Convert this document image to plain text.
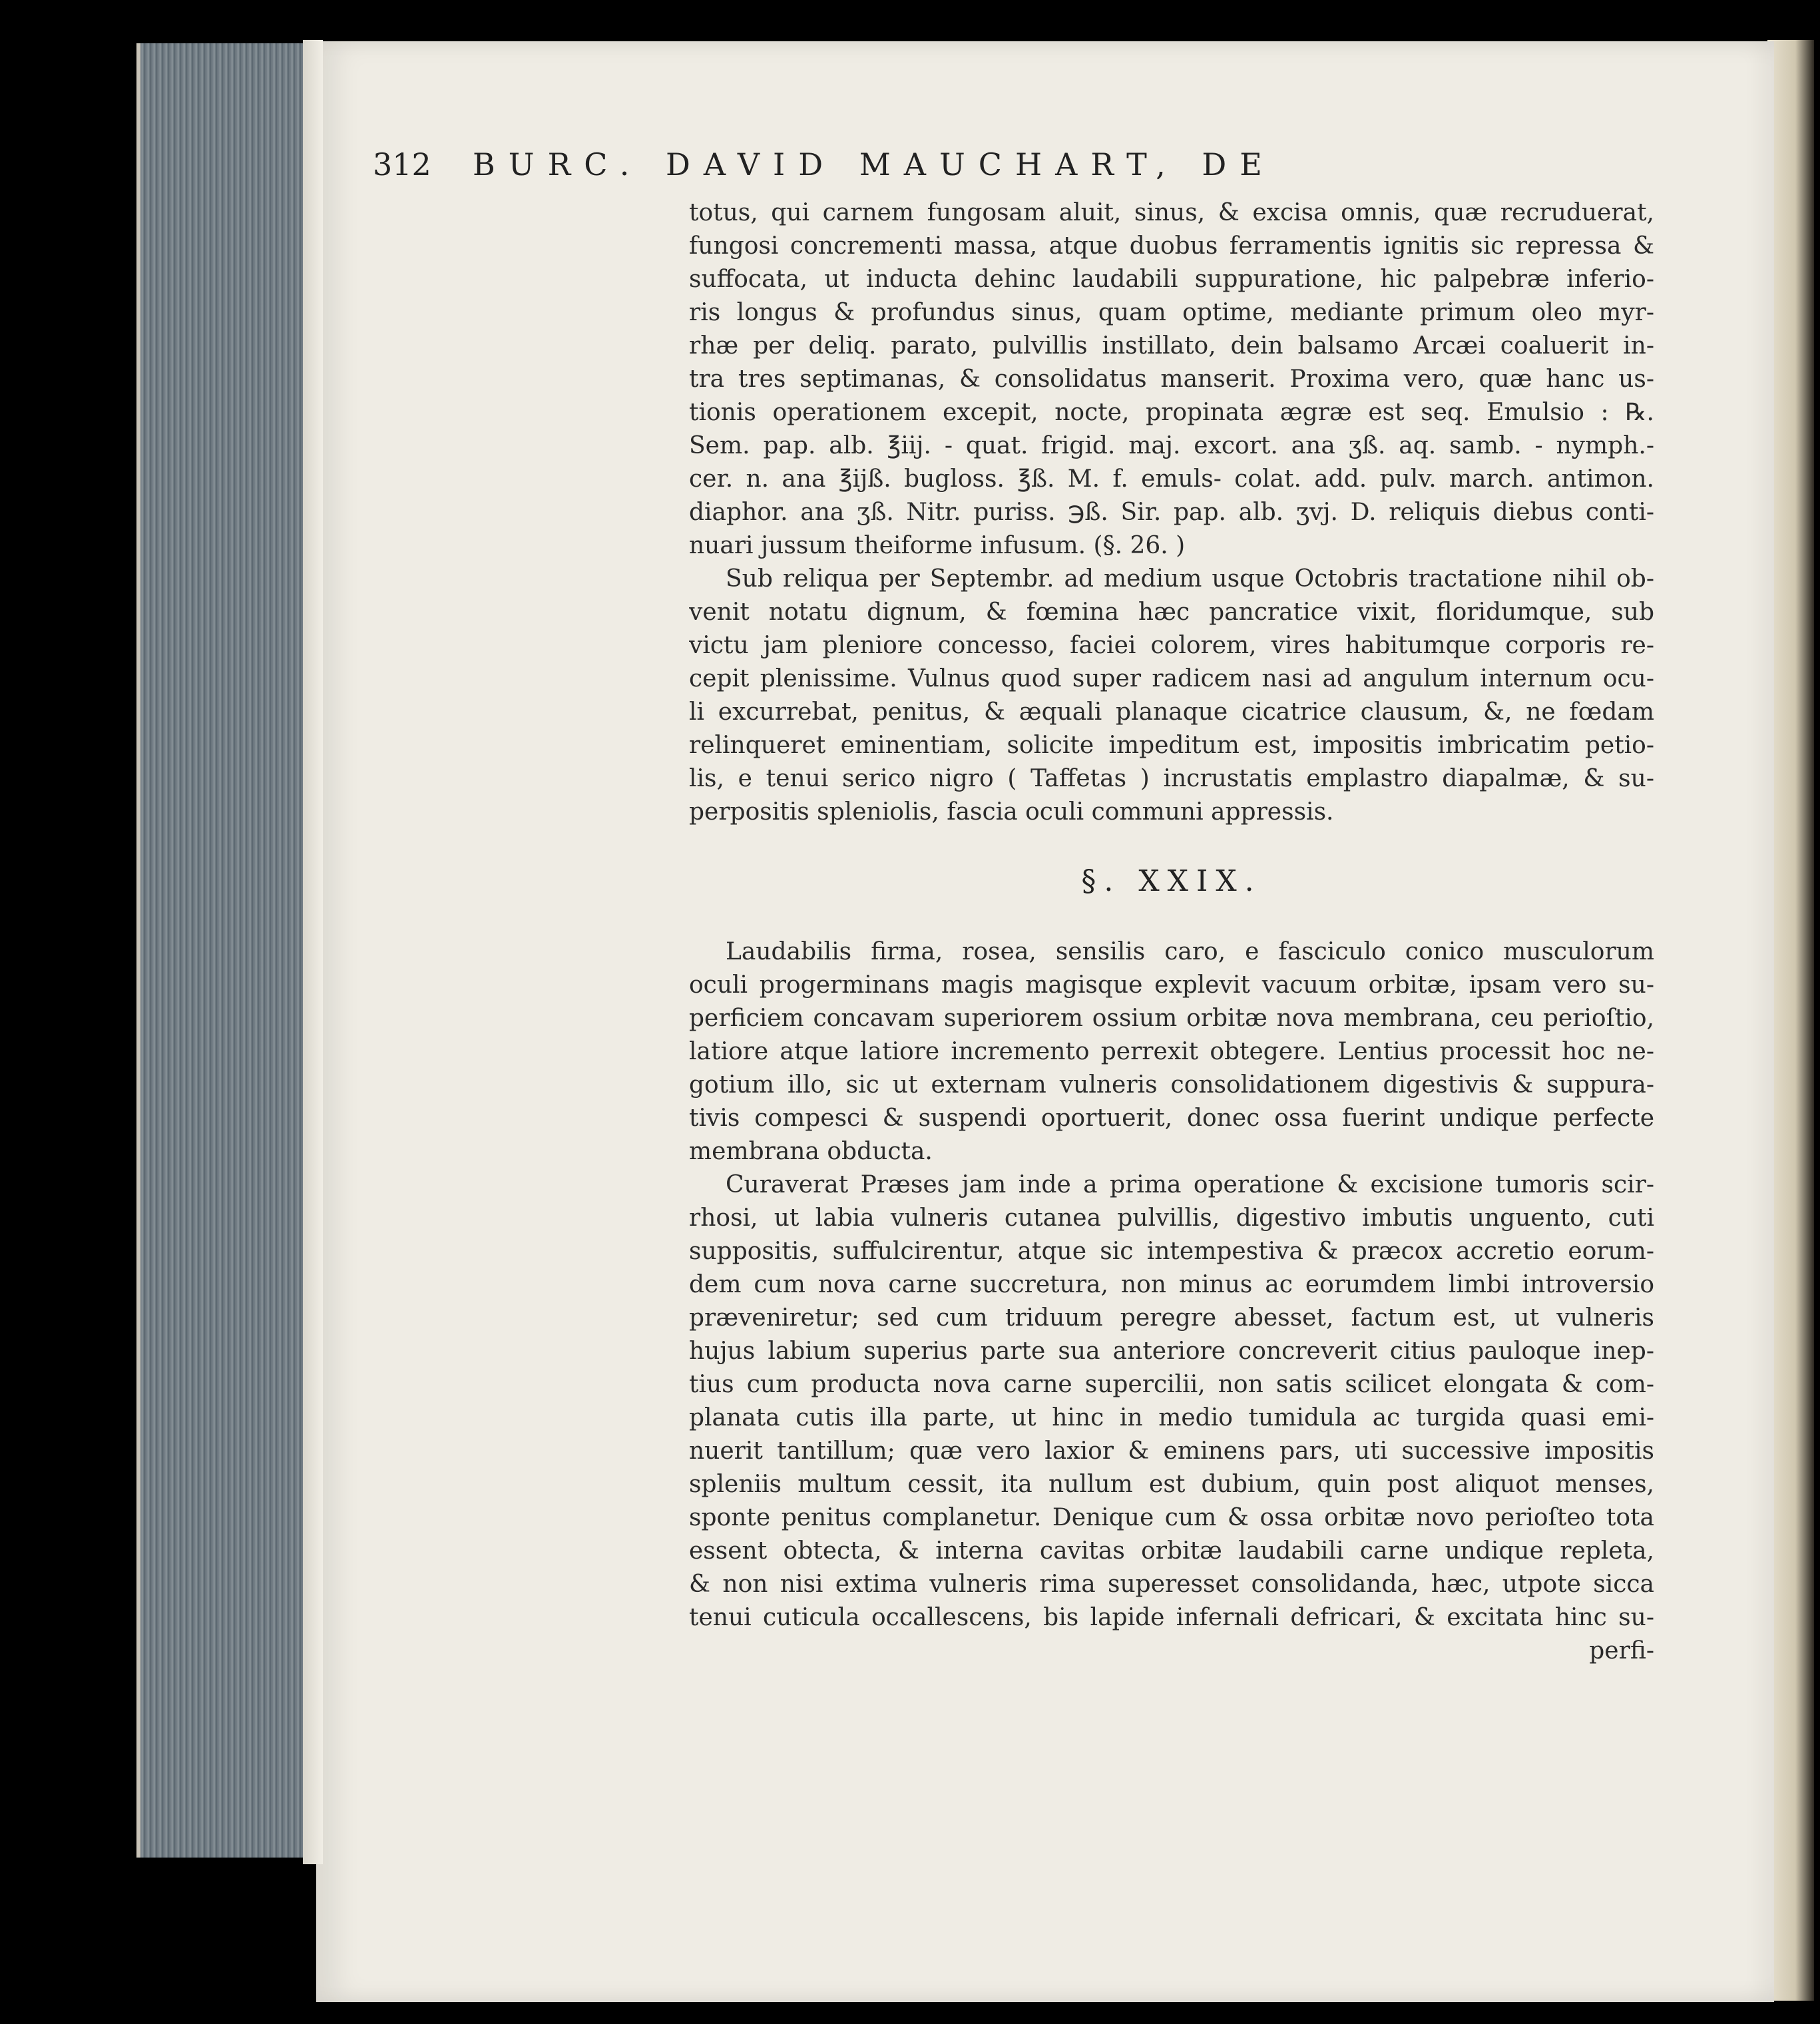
312	BURC. DAVID MAUCHART, DE
totus, qui carnem fungosam aluit, sinus, & excisa omnis, quæ recruduerat,
fungosi concrementi massa, atque duobus ferramentis ignitis sic repressa &
suffocata, ut inducta dehinc laudabili suppuratione, hic palpebræ inferio-
ris longus & profundus sinus, quam optime, mediante primum oleo myr-
rhæ per deliq. parato, pulvillis instillato, dein balsamo Arcæi coaluerit in-
tra tres septimanas, & consolidatus manserit. Proxima vero, quæ hanc us-
tionis operationem excepit, nocte, propinata ægræ est seq. Emulsio : ℞.
Sem. pap. alb. ℥iij. - quat. frigid. maj. excort. ana ʒß. aq. samb. - nymph.-
cer. n. ana ℥ijß. bugloss. ℥ß. M. f. emuls- colat. add. pulv. march. antimon.
diaphor. ana ʒß. Nitr. puriss. ℈ß. Sir. pap. alb. ʒvj. D. reliquis diebus conti-
nuari jussum theiforme infusum. (§. 26. )
Sub reliqua per Septembr. ad medium usque Octobris tractatione nihil ob-
venit notatu dignum, & fœmina hæc pancratice vixit, floridumque, sub
victu jam pleniore concesso, faciei colorem, vires habitumque corporis re-
cepit plenissime. Vulnus quod super radicem nasi ad angulum internum ocu-
li excurrebat, penitus, & æquali planaque cicatrice clausum, &, ne fœdam
relinqueret eminentiam, solicite impeditum est, impositis imbricatim petio-
lis, e tenui serico nigro ( Taffetas ) incrustatis emplastro diapalmæ, & su-
perpositis spleniolis, fascia oculi communi appressis.
§. XXIX.
Laudabilis firma, rosea, sensilis caro, e fasciculo conico musculorum
oculi progerminans magis magisque explevit vacuum orbitæ, ipsam vero su-
perficiem concavam superiorem ossium orbitæ nova membrana, ceu perioſtio,
latiore atque latiore incremento perrexit obtegere. Lentius processit hoc ne-
gotium illo, sic ut externam vulneris consolidationem digestivis & suppura-
tivis compesci & suspendi oportuerit, donec ossa fuerint undique perfecte
membrana obducta.
Curaverat Præses jam inde a prima operatione & excisione tumoris scir-
rhosi, ut labia vulneris cutanea pulvillis, digestivo imbutis unguento, cuti
suppositis, suffulcirentur, atque sic intempestiva & præcox accretio eorum-
dem cum nova carne succretura, non minus ac eorumdem limbi introversio
præveniretur; sed cum triduum peregre abesset, factum est, ut vulneris
hujus labium superius parte sua anteriore concreverit citius pauloque inep-
tius cum producta nova carne supercilii, non satis scilicet elongata & com-
planata cutis illa parte, ut hinc in medio tumidula ac turgida quasi emi-
nuerit tantillum; quæ vero laxior & eminens pars, uti successive impositis
spleniis multum cessit, ita nullum est dubium, quin post aliquot menses,
sponte penitus complanetur. Denique cum & ossa orbitæ novo perioſteo tota
essent obtecta, & interna cavitas orbitæ laudabili carne undique repleta,
& non nisi extima vulneris rima superesset consolidanda, hæc, utpote sicca
tenui cuticula occallescens, bis lapide infernali defricari, & excitata hinc su-
perfi-
